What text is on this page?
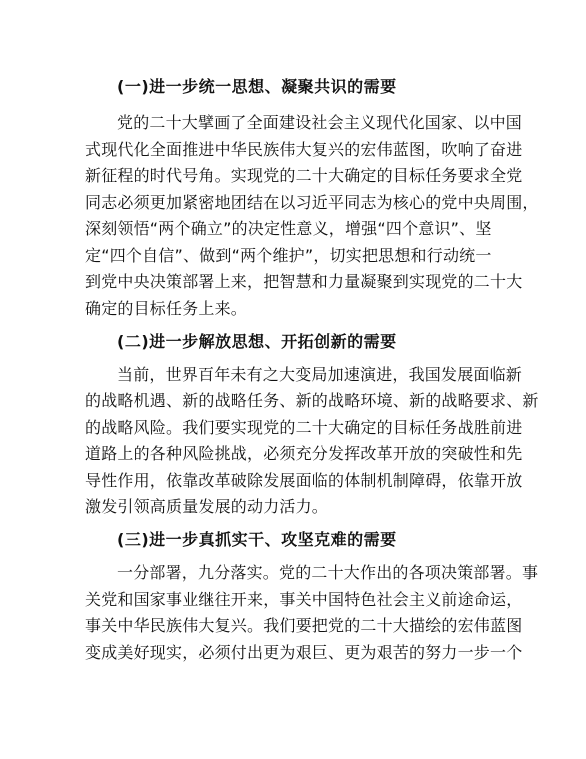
(一)进一步统一思想、凝聚共识的需要
党的二十大擘画了全面建设社会主义现代化国家、以中国
式现代化全面推进中华民族伟大复兴的宏伟蓝图，吹响了奋进
新征程的时代号角。实现党的二十大确定的目标任务要求全党
同志必须更加紧密地团结在以习近平同志为核心的党中央周围，
深刻领悟“两个确立”的决定性意义，增强“四个意识”、坚
定“四个自信”、做到“两个维护”，切实把思想和行动统一
到党中央决策部署上来，把智慧和力量凝聚到实现党的二十大
确定的目标任务上来。
(二)进一步解放思想、开拓创新的需要
当前，世界百年未有之大变局加速演进，我国发展面临新
的战略机遇、新的战略任务、新的战略环境、新的战略要求、新
的战略风险。我们要实现党的二十大确定的目标任务战胜前进
道路上的各种风险挑战，必须充分发挥改革开放的突破性和先
导性作用，依靠改革破除发展面临的体制机制障碍，依靠开放
激发引领高质量发展的动力活力。
(三)进一步真抓实干、攻坚克难的需要
一分部署，九分落实。党的二十大作出的各项决策部署。事
关党和国家事业继往开来，事关中国特色社会主义前途命运，
事关中华民族伟大复兴。我们要把党的二十大描绘的宏伟蓝图
变成美好现实，必须付出更为艰巨、更为艰苦的努力一步一个
